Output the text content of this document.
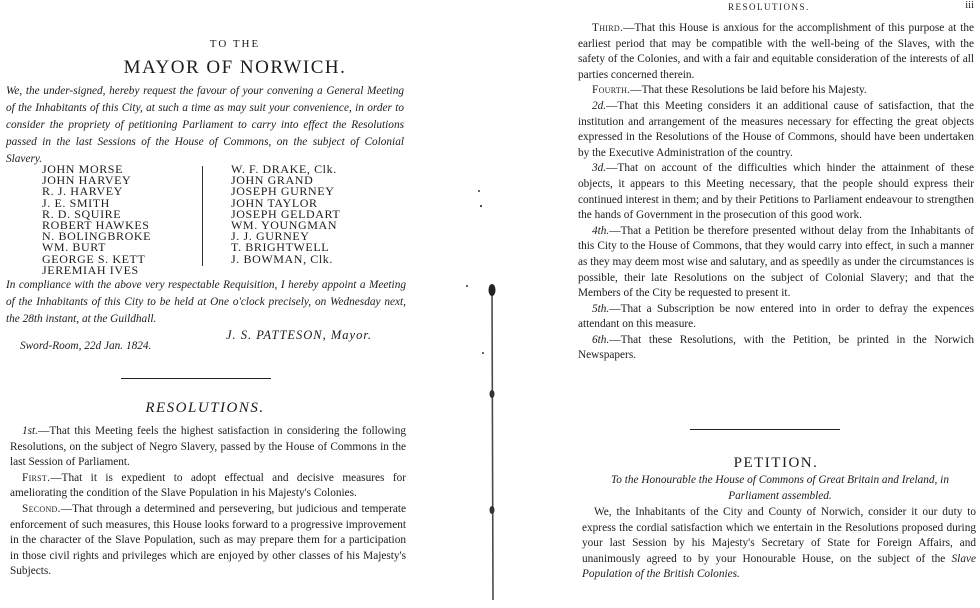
TO THE
MAYOR OF NORWICH.
We, the under-signed, hereby request the favour of your convening a General Meeting of the Inhabitants of this City, at such a time as may suit your convenience, in order to consider the propriety of petitioning Parliament to carry into effect the Resolutions passed in the last Sessions of the House of Commons, on the subject of Colonial Slavery.
JOHN MORSE
JOHN HARVEY
R. J. HARVEY
J. E. SMITH
R. D. SQUIRE
ROBERT HAWKES
N. BOLINGBROKE
WM. BURT
GEORGE S. KETT
JEREMIAH IVES
W. F. DRAKE, Clk.
JOHN GRAND
JOSEPH GURNEY
JOHN TAYLOR
JOSEPH GELDART
WM. YOUNGMAN
J. J. GURNEY
T. BRIGHTWELL
J. BOWMAN, Clk.
In compliance with the above very respectable Requisition, I hereby appoint a Meeting of the Inhabitants of this City to be held at One o'clock precisely, on Wednesday next, the 28th instant, at the Guildhall.
J. S. PATTESON, Mayor.
Sword-Room, 22d Jan. 1824.
RESOLUTIONS.

1st.—That this Meeting feels the highest satisfaction in considering the following Resolutions, on the subject of Negro Slavery, passed by the House of Commons in the last Session of Parliament.

First.—That it is expedient to adopt effectual and decisive measures for ameliorating the condition of the Slave Population in his Majesty's Colonies.

Second.—That through a determined and persevering, but judicious and temperate enforcement of such measures, this House looks forward to a progressive improvement in the character of the Slave Population, such as may prepare them for a participation in those civil rights and privileges which are enjoyed by other classes of his Majesty's Subjects.

RESOLUTIONS.	iii

Third.—That this House is anxious for the accomplishment of this purpose at the earliest period that may be compatible with the well-being of the Slaves, with the safety of the Colonies, and with a fair and equitable consideration of the interests of all parties concerned therein.

Fourth.—That these Resolutions be laid before his Majesty.

2d.—That this Meeting considers it an additional cause of satisfaction, that the institution and arrangement of the measures necessary for effecting the great objects expressed in the Resolutions of the House of Commons, should have been undertaken by the Executive Administration of the country.

3d.—That on account of the difficulties which hinder the attainment of these objects, it appears to this Meeting necessary, that the people should express their continued interest in them; and by their Petitions to Parliament endeavour to strengthen the hands of Government in the prosecution of this good work.

4th.—That a Petition be therefore presented without delay from the Inhabitants of this City to the House of Commons, that they would carry into effect, in such a manner as they may deem most wise and salutary, and as speedily as under the circumstances is possible, their late Resolutions on the subject of Colonial Slavery; and that the Members of the City be requested to present it.

5th.—That a Subscription be now entered into in order to defray the expences attendant on this measure.

6th.—That these Resolutions, with the Petition, be printed in the Norwich Newspapers.

PETITION.
To the Honourable the House of Commons of Great Britain and Ireland, in Parliament assembled.

We, the Inhabitants of the City and County of Norwich, consider it our duty to express the cordial satisfaction which we entertain in the Resolutions proposed during your last Session by his Majesty's Secretary of State for Foreign Affairs, and unanimously agreed to by your Honourable House, on the subject of the Slave Population of the British Colonies.
